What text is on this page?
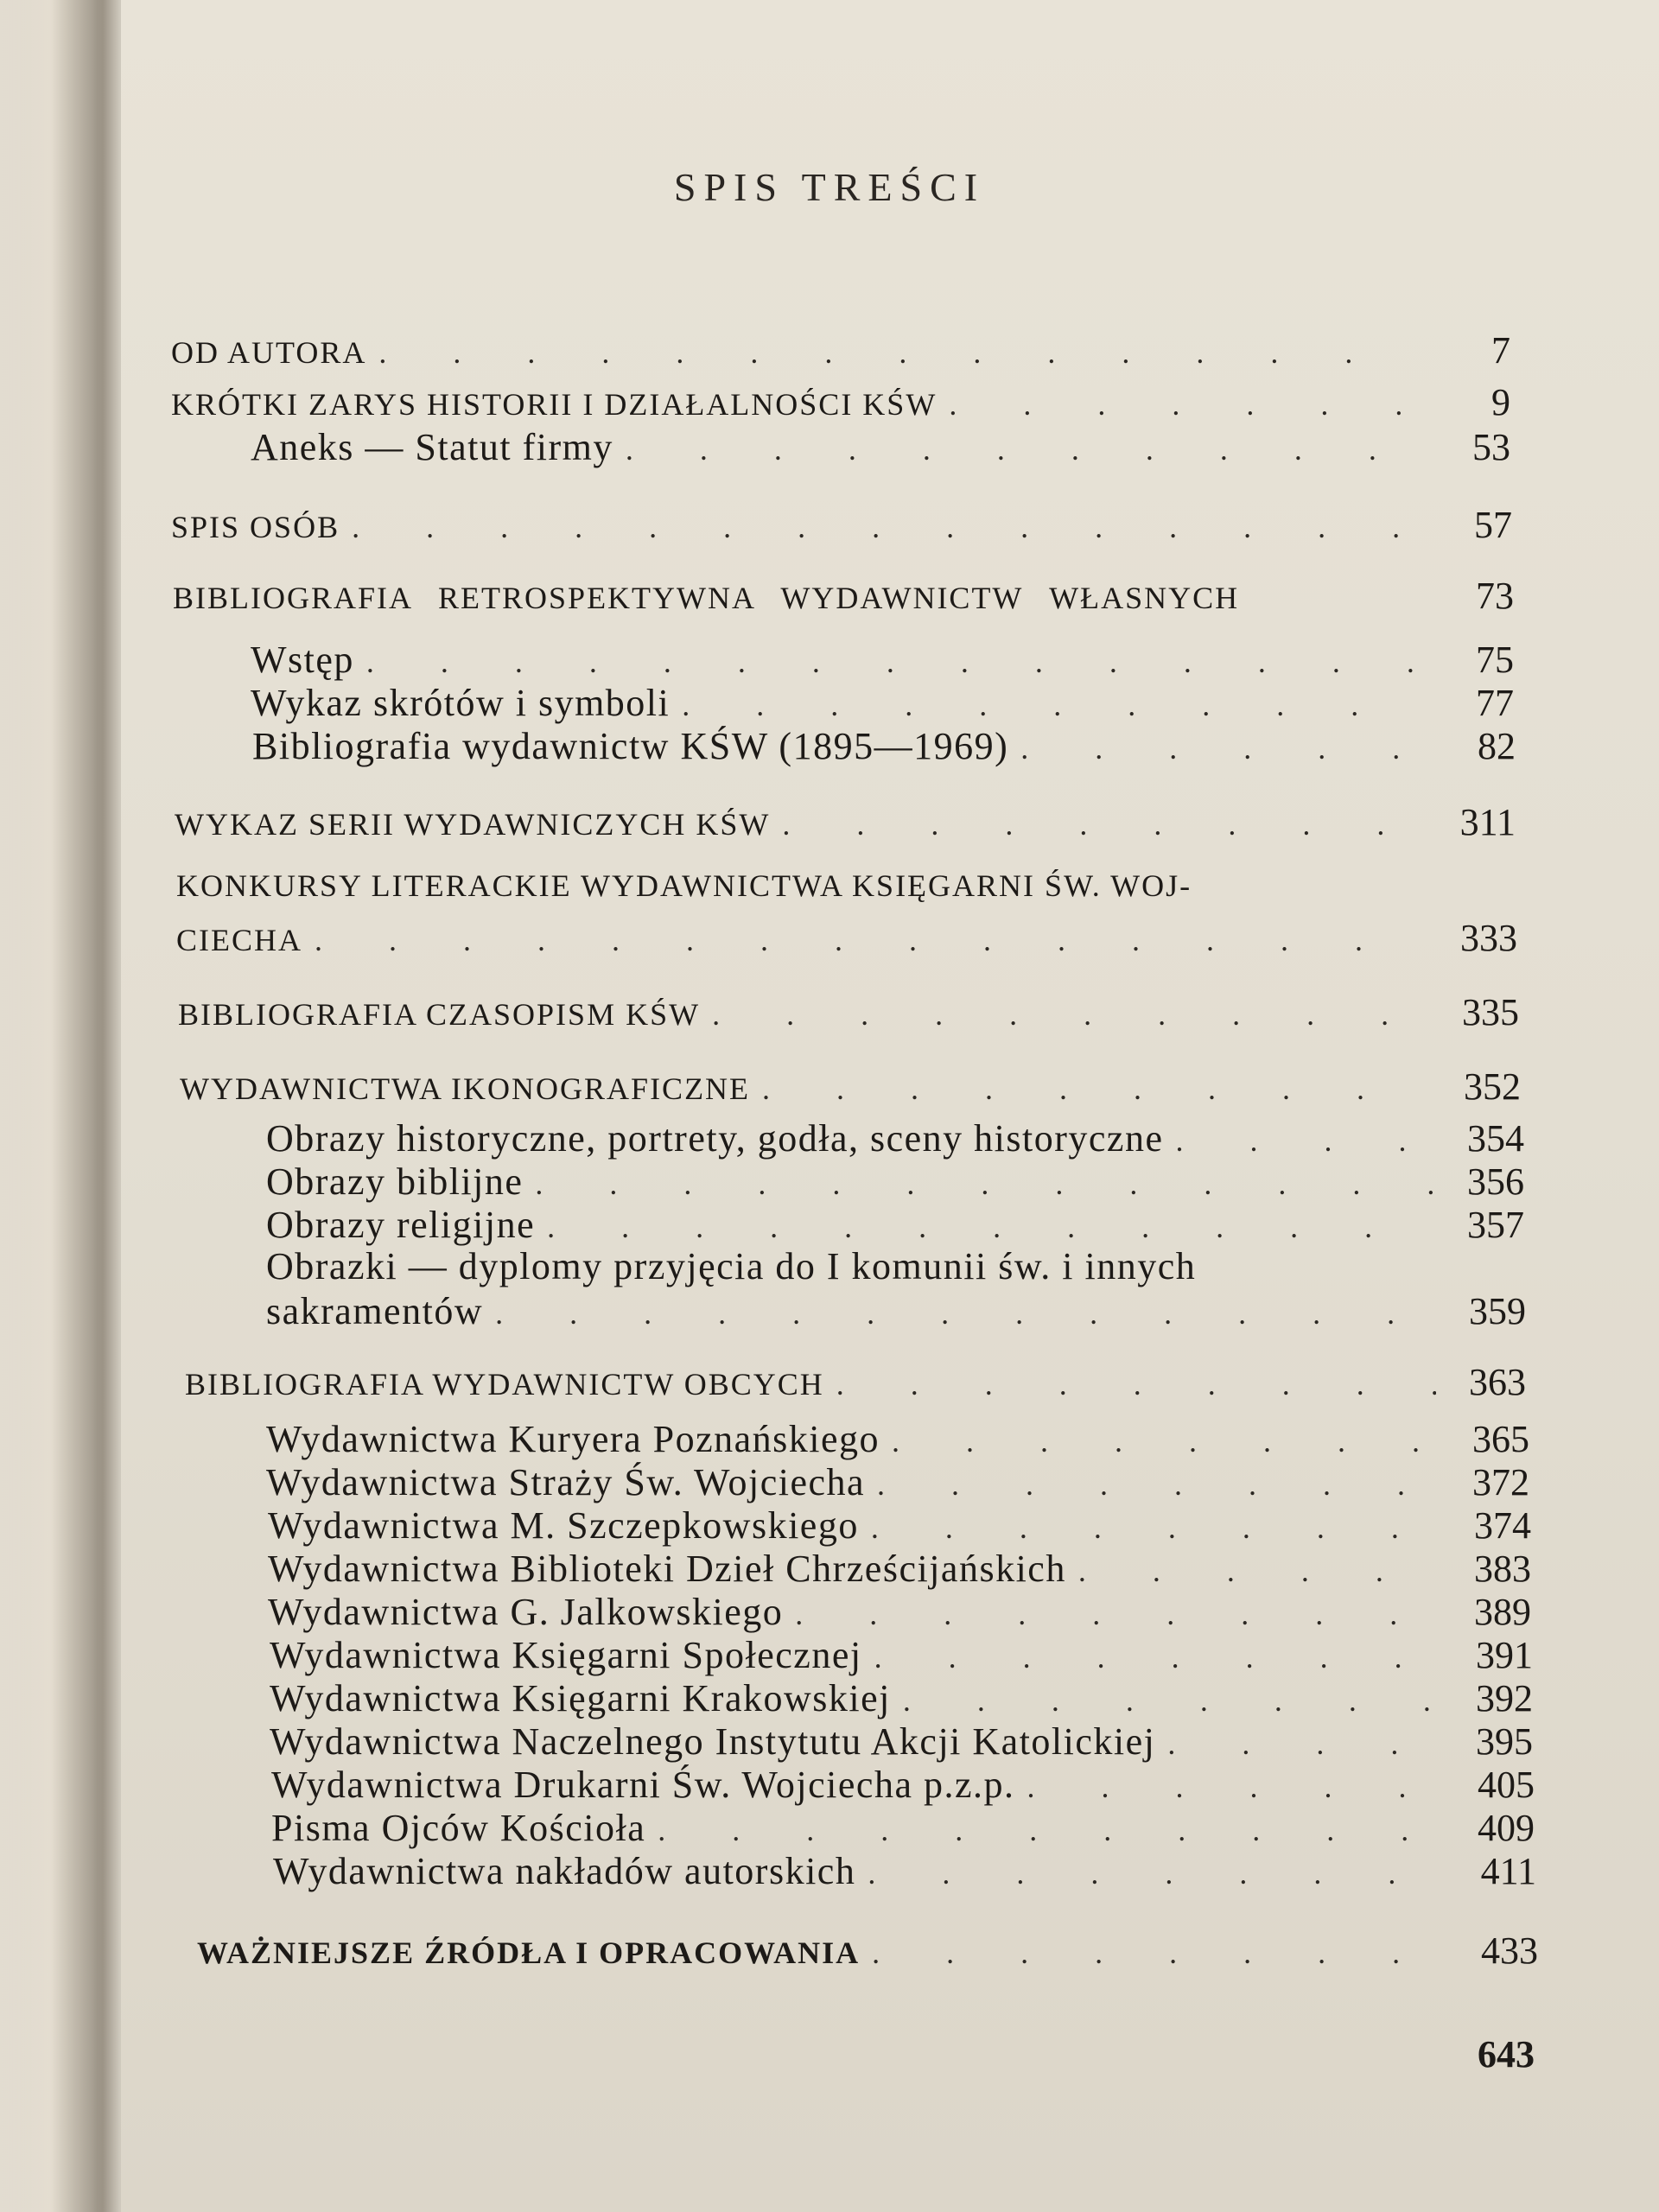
SPIS TREŚCI
OD AUTORA . . .	7
KRÓTKI ZARYS HISTORII I DZIAŁALNOŚCI KŚW . . .	9
Aneks — Statut firmy . . .	53
SPIS OSÓB . . .	57
BIBLIOGRAFIA RETROSPEKTYWNA WYDAWNICTW WŁASNYCH	73
Wstęp . . .	75
Wykaz skrótów i symboli . . .	77
Bibliografia wydawnictw KŚW (1895—1969) . . .	82
WYKAZ SERII WYDAWNICZYCH KŚW . . .	311
KONKURSY LITERACKIE WYDAWNICTWA KSIĘGARNI ŚW. WOJ-
CIECHA . . .	333
BIBLIOGRAFIA CZASOPISM KŚW . . .	335
WYDAWNICTWA IKONOGRAFICZNE . . .	352
Obrazy historyczne, portrety, godła, sceny historyczne . . .	354
Obrazy biblijne . . .	356
Obrazy religijne . . .	357
Obrazki — dyplomy przyjęcia do I komunii św. i innych
sakramentów . . .	359
BIBLIOGRAFIA WYDAWNICTW OBCYCH . . .	363
Wydawnictwa Kuryera Poznańskiego . . .	365
Wydawnictwa Straży Św. Wojciecha . . .	372
Wydawnictwa M. Szczepkowskiego . . .	374
Wydawnictwa Biblioteki Dzieł Chrześcijańskich . . .	383
Wydawnictwa G. Jalkowskiego . . .	389
Wydawnictwa Księgarni Społecznej . . .	391
Wydawnictwa Księgarni Krakowskiej . . .	392
Wydawnictwa Naczelnego Instytutu Akcji Katolickiej . . .	395
Wydawnictwa Drukarni Św. Wojciecha p.z.p. . . .	405
Pisma Ojców Kościoła . . .	409
Wydawnictwa nakładów autorskich . . .	411
WAŻNIEJSZE ŹRÓDŁA I OPRACOWANIA . . .	433
643
